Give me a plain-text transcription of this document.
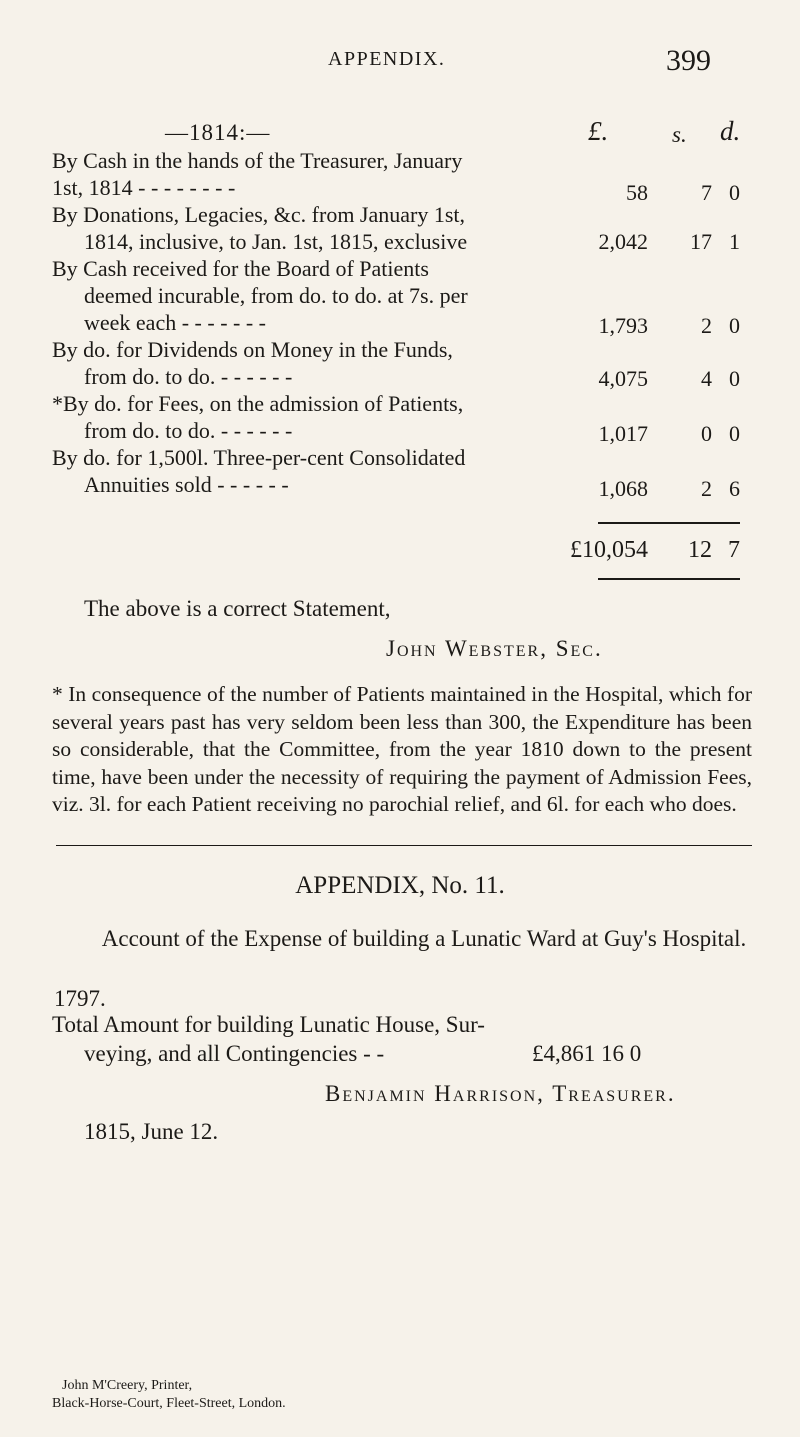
APPENDIX.	399
—1814:—	£.	s. d.
By Cash in the hands of the Treasurer, January
1st, 1814 - - - - - - - -	58	7 0
By Donations, Legacies, &c. from January 1st,
1814, inclusive, to Jan. 1st, 1815, exclusive	2,042	17 1
By Cash received for the Board of Patients
deemed incurable, from do. to do. at 7s. per
week each - - - - - - -	1,793	2 0
By do. for Dividends on Money in the Funds,
from do. to do. - - - - - -	4,075	4 0
*By do. for Fees, on the admission of Patients,
from do. to do. - - - - - -	1,017	0 0
By do. for 1,500l. Three-per-cent Consolidated
Annuities sold - - - - - -	1,068	2 6
£10,054	12 7
The above is a correct Statement,
John Webster, Sec.
* In consequence of the number of Patients maintained in the Hospital, which for several years past has very seldom been less than 300, the Expenditure has been so considerable, that the Committee, from the year 1810 down to the present time, have been under the necessity of requiring the payment of Admission Fees, viz. 3l. for each Patient receiving no parochial relief, and 6l. for each who does.
APPENDIX, No. 11.
Account of the Expense of building a Lunatic Ward at Guy's Hospital.
1797.
Total Amount for building Lunatic House, Sur-
veying, and all Contingencies - -	£4,861 16 0
Benjamin Harrison, Treasurer.
1815, June 12.
John M'Creery, Printer,
Black-Horse-Court, Fleet-Street, London.
